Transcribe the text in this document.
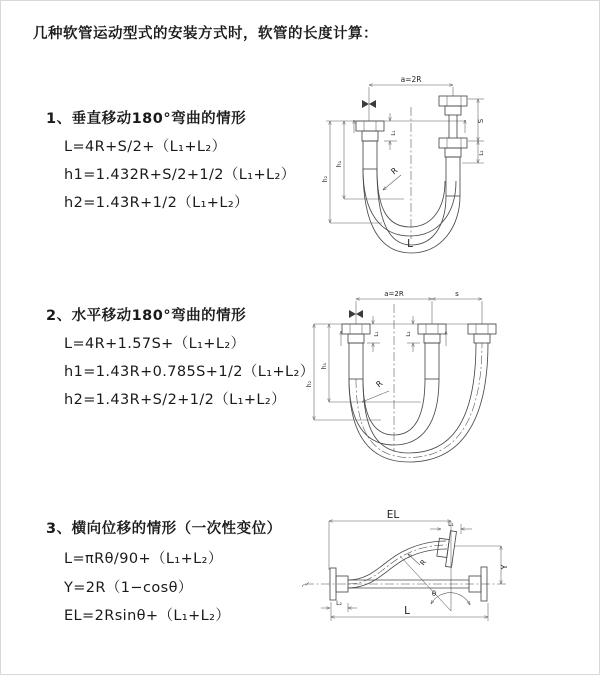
几种软管运动型式的安装方式时，软管的长度计算：
1、垂直移动180°弯曲的情形
L=4R+S/2+（L₁+L₂）
h1=1.432R+S/2+1/2（L₁+L₂）
h2=1.43R+1/2（L₁+L₂）
2、水平移动180°弯曲的情形
L=4R+1.57S+（L₁+L₂）
h1=1.43R+0.785S+1/2（L₁+L₂）
h2=1.43R+S/2+1/2（L₁+L₂）
3、横向位移的情形（一次性变位）
L=πRθ/90+（L₁+L₂）
Y=2R（1−cosθ）
EL=2Rsinθ+（L₁+L₂）
a=2R
R
L
h₂
h₁
L₁
S
L₂
a=2R	s
L₁	L₂
h₁
h₂	R
EL
L₁
Y
R
θ
L₂
L
